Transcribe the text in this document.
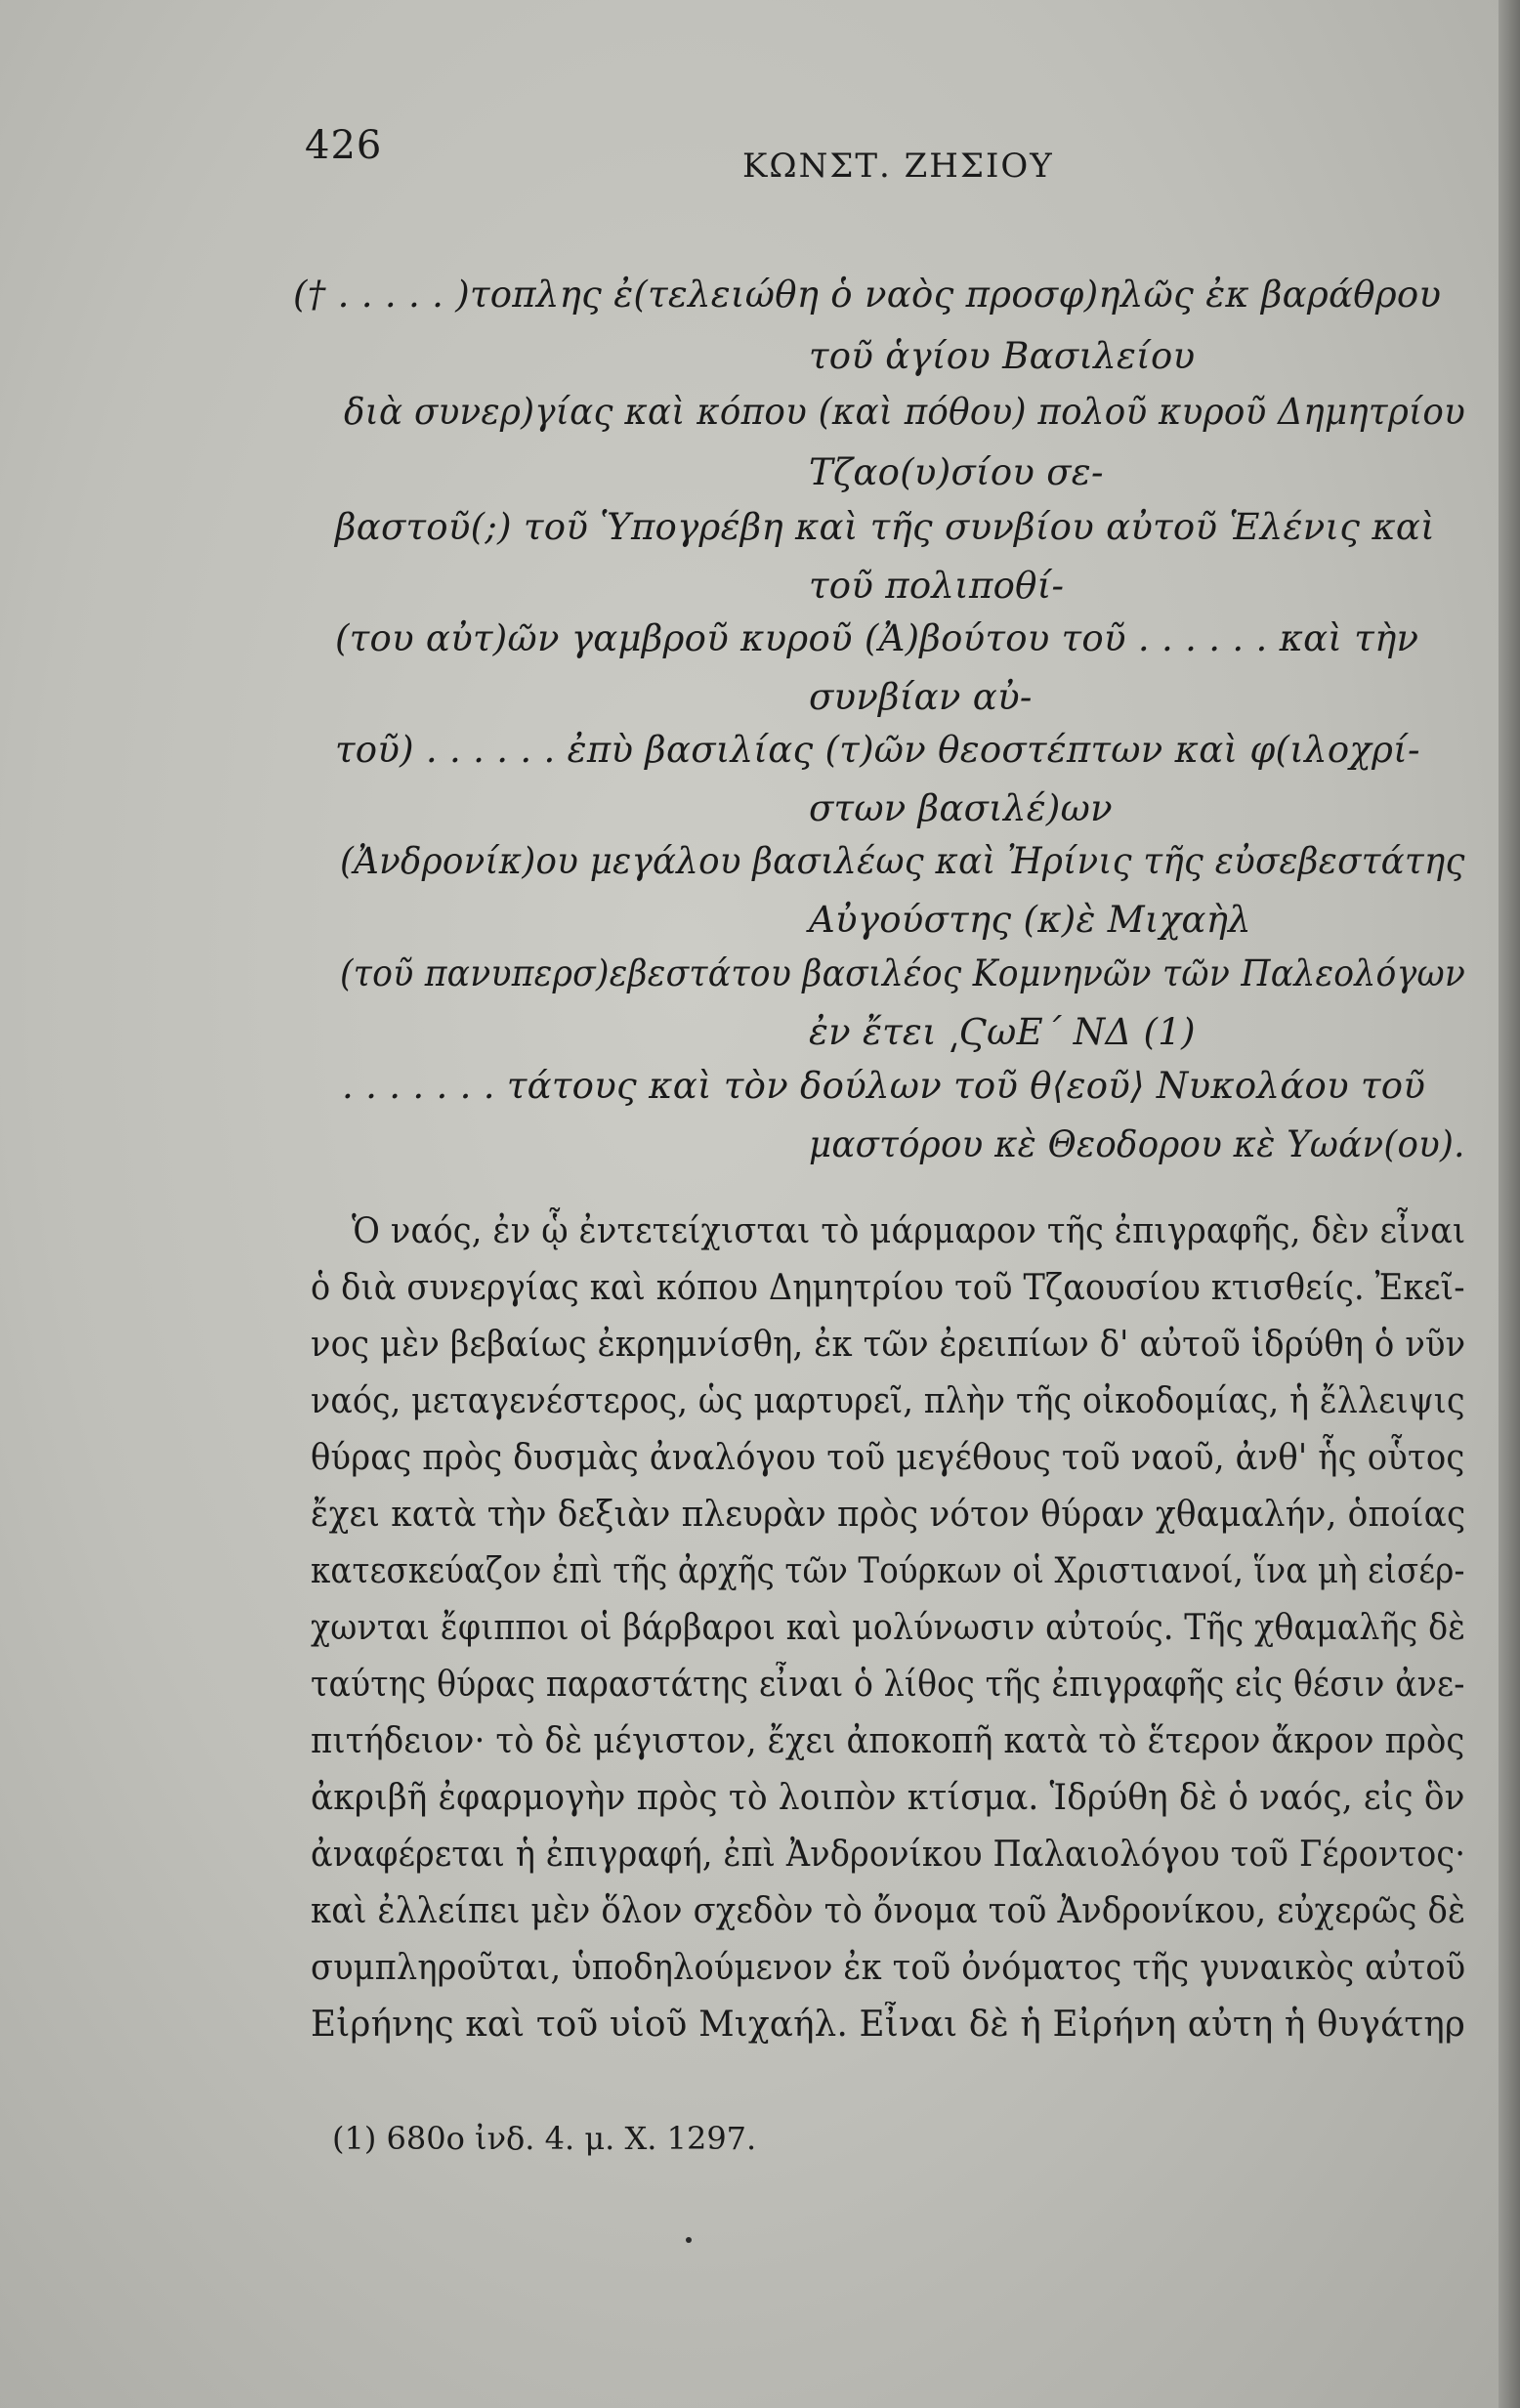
426	ΚΩΝΣΤ. ΖΗΣΙΟΥ
(† . . . . . )τοπλης ἐ(τελειώθη ὁ ναὸς προσφ)ηλῶς ἐκ βαράθρου
τοῦ ἁγίου Βασιλείου
διὰ συνερ)γίας καὶ κόπου (καὶ πόθου) πολοῦ κυροῦ Δημητρίου
Τζαο(υ)σίου σε-
βαστοῦ(;) τοῦ Ὑπογρέβη καὶ τῆς συνβίου αὐτοῦ Ἑλένις καὶ
τοῦ πολιποθί-
(του αὐτ)ῶν γαμβροῦ κυροῦ (Ἀ)βούτου τοῦ . . . . . . καὶ τὴν
συνβίαν αὐ-
τοῦ) . . . . . . ἐπὺ βασιλίας (τ)ῶν θεοστέπτων καὶ φ(ιλοχρί-
στων βασιλέ)ων
(Ἀνδρονίκ)ου μεγάλου βασιλέως καὶ Ἠρίνις τῆς εὐσεβεστάτης
Αὐγούστης (κ)ὲ Μιχαὴλ
(τοῦ πανυπερσ)εβεστάτου βασιλέος Κομνηνῶν τῶν Παλεολόγων
ἐν ἔτει ͵ϚωΕ΄ ΝΔ (1)
. . . . . . . τάτους καὶ τὸν δούλων τοῦ θ⟨εοῦ⟩ Νυκολάου τοῦ
μαστόρου κὲ Θεοδορου κὲ Υωάν(ου).
Ὁ ναός, ἐν ᾧ ἐντετείχισται τὸ μάρμαρον τῆς ἐπιγραφῆς, δὲν εἶναι
ὁ διὰ συνεργίας καὶ κόπου Δημητρίου τοῦ Τζαουσίου κτισθείς. Ἐκεῖ-
νος μὲν βεβαίως ἐκρημνίσθη, ἐκ τῶν ἐρειπίων δ' αὐτοῦ ἱδρύθη ὁ νῦν
ναός, μεταγενέστερος, ὡς μαρτυρεῖ, πλὴν τῆς οἰκοδομίας, ἡ ἔλλειψις
θύρας πρὸς δυσμὰς ἀναλόγου τοῦ μεγέθους τοῦ ναοῦ, ἀνθ' ἧς οὗτος
ἔχει κατὰ τὴν δεξιὰν πλευρὰν πρὸς νότον θύραν χθαμαλήν, ὁποίας
κατεσκεύαζον ἐπὶ τῆς ἀρχῆς τῶν Τούρκων οἱ Χριστιανοί, ἵνα μὴ εἰσέρ-
χωνται ἔφιπποι οἱ βάρβαροι καὶ μολύνωσιν αὐτούς. Τῆς χθαμαλῆς δὲ
ταύτης θύρας παραστάτης εἶναι ὁ λίθος τῆς ἐπιγραφῆς εἰς θέσιν ἀνε-
πιτήδειον· τὸ δὲ μέγιστον, ἔχει ἀποκοπῆ κατὰ τὸ ἕτερον ἄκρον πρὸς
ἀκριβῆ ἐφαρμογὴν πρὸς τὸ λοιπὸν κτίσμα. Ἱδρύθη δὲ ὁ ναός, εἰς ὃν
ἀναφέρεται ἡ ἐπιγραφή, ἐπὶ Ἀνδρονίκου Παλαιολόγου τοῦ Γέροντος·
καὶ ἐλλείπει μὲν ὅλον σχεδὸν τὸ ὄνομα τοῦ Ἀνδρονίκου, εὐχερῶς δὲ
συμπληροῦται, ὑποδηλούμενον ἐκ τοῦ ὀνόματος τῆς γυναικὸς αὐτοῦ
Εἰρήνης καὶ τοῦ υἱοῦ Μιχαήλ. Εἶναι δὲ ἡ Εἰρήνη αὐτη ἡ θυγάτηρ
(1) 680ο ἰνδ. 4. μ. Χ. 1297.
